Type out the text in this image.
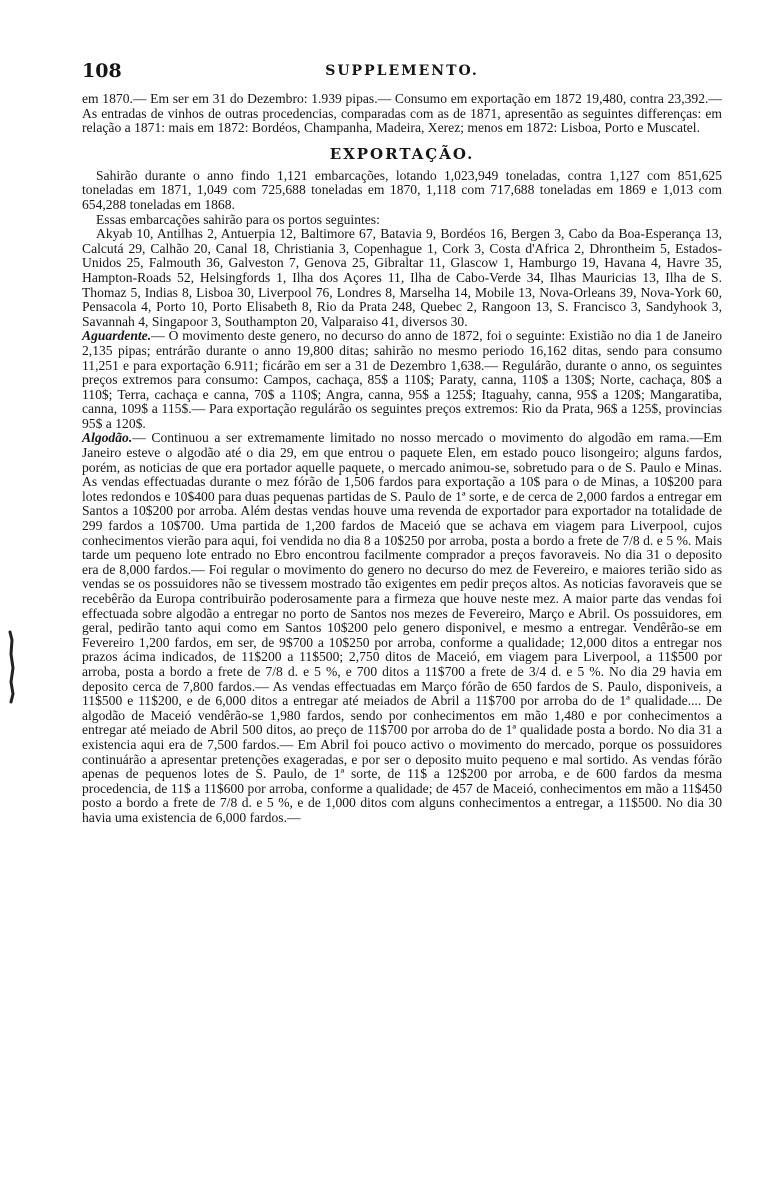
108	SUPPLEMENTO.

em 1870.— Em ser em 31 do Dezembro: 1.939 pipas.— Consumo em exportação em 1872 19,480, contra 23,392.— As entradas de vinhos de outras procedencias, comparadas com as de 1871, apresentão as seguintes differenças: em relação a 1871: mais em 1872: Bordéos, Champanha, Madeira, Xerez; menos em 1872: Lisboa, Porto e Muscatel.

EXPORTAÇÃO.

Sahirão durante o anno findo 1,121 embarcações, lotando 1,023,949 toneladas, contra 1,127 com 851,625 toneladas em 1871, 1,049 com 725,688 toneladas em 1870, 1,118 com 717,688 toneladas em 1869 e 1,013 com 654,288 toneladas em 1868.

Essas embarcações sahirão para os portos seguintes:

Akyab 10, Antilhas 2, Antuerpia 12, Baltimore 67, Batavia 9, Bordéos 16, Bergen 3, Cabo da Boa-Esperança 13, Calcutá 29, Calhão 20, Canal 18, Christiania 3, Copenhague 1, Cork 3, Costa d'Africa 2, Dhrontheim 5, Estados-Unidos 25, Falmouth 36, Galveston 7, Genova 25, Gibraltar 11, Glascow 1, Hamburgo 19, Havana 4, Havre 35, Hampton-Roads 52, Helsingfords 1, Ilha dos Açores 11, Ilha de Cabo-Verde 34, Ilhas Mauricias 13, Ilha de S. Thomaz 5, Indias 8, Lisboa 30, Liverpool 76, Londres 8, Marselha 14, Mobile 13, Nova-Orleans 39, Nova-York 60, Pensacola 4, Porto 10, Porto Elisabeth 8, Rio da Prata 248, Quebec 2, Rangoon 13, S. Francisco 3, Sandyhook 3, Savannah 4, Singapoor 3, Southampton 20, Valparaiso 41, diversos 30.

Aguardente.— O movimento deste genero, no decurso do anno de 1872, foi o seguinte: Existião no dia 1 de Janeiro 2,135 pipas; entrárão durante o anno 19,800 ditas; sahirão no mesmo periodo 16,162 ditas, sendo para consumo 11,251 e para exportação 6.911; ficárão em ser a 31 de Dezembro 1,638.— Regulárão, durante o anno, os seguintes preços extremos para consumo: Campos, cachaça, 85$ a 110$; Paraty, canna, 110$ a 130$; Norte, cachaça, 80$ a 110$; Terra, cachaça e canna, 70$ a 110$; Angra, canna, 95$ a 125$; Itaguahy, canna, 95$ a 120$; Mangaratiba, canna, 109$ a 115$.— Para exportação regulárão os seguintes preços extremos: Rio da Prata, 96$ a 125$, provincias 95$ a 120$.

Algodão.— Continuou a ser extremamente limitado no nosso mercado o movimento do algodão em rama.—Em Janeiro esteve o algodão até o dia 29, em que entrou o paquete Elen, em estado pouco lisongeiro; alguns fardos, porém, as noticias de que era portador aquelle paquete, o mercado animou-se, sobretudo para o de S. Paulo e Minas. As vendas effectuadas durante o mez fórão de 1,506 fardos para exportação a 10$ para o de Minas, a 10$200 para lotes redondos e 10$400 para duas pequenas partidas de S. Paulo de 1ª sorte, e de cerca de 2,000 fardos a entregar em Santos a 10$200 por arroba. Além destas vendas houve uma revenda de exportador para exportador na totalidade de 299 fardos a 10$700. Uma partida de 1,200 fardos de Maceió que se achava em viagem para Liverpool, cujos conhecimentos vierão para aqui, foi vendida no dia 8 a 10$250 por arroba, posta a bordo a frete de 7/8 d. e 5 %. Mais tarde um pequeno lote entrado no Ebro encontrou facilmente comprador a preços favoraveis. No dia 31 o deposito era de 8,000 fardos.— Foi regular o movimento do genero no decurso do mez de Fevereiro, e maiores terião sido as vendas se os possuidores não se tivessem mostrado tão exigentes em pedir preços altos. As noticias favoraveis que se recebêrão da Europa contribuirão poderosamente para a firmeza que houve neste mez. A maior parte das vendas foi effectuada sobre algodão a entregar no porto de Santos nos mezes de Fevereiro, Março e Abril. Os possuidores, em geral, pedirão tanto aqui como em Santos 10$200 pelo genero disponivel, e mesmo a entregar. Vendêrão-se em Fevereiro 1,200 fardos, em ser, de 9$700 a 10$250 por arroba, conforme a qualidade; 12,000 ditos a entregar nos prazos ácima indicados, de 11$200 a 11$500; 2,750 ditos de Maceió, em viagem para Liverpool, a 11$500 por arroba, posta a bordo a frete de 7/8 d. e 5 %, e 700 ditos a 11$700 a frete de 3/4 d. e 5 %. No dia 29 havia em deposito cerca de 7,800 fardos.— As vendas effectuadas em Março fórão de 650 fardos de S. Paulo, disponiveis, a 11$500 e 11$200, e de 6,000 ditos a entregar até meiados de Abril a 11$700 por arroba do de 1ª qualidade.... De algodão de Maceió vendêrão-se 1,980 fardos, sendo por conhecimentos em mão 1,480 e por conhecimentos a entregar até meiado de Abril 500 ditos, ao preço de 11$700 por arroba do de 1ª qualidade posta a bordo. No dia 31 a existencia aqui era de 7,500 fardos.— Em Abril foi pouco activo o movimento do mercado, porque os possuidores continuárão a apresentar pretenções exageradas, e por ser o deposito muito pequeno e mal sortido. As vendas fórão apenas de pequenos lotes de S. Paulo, de 1ª sorte, de 11$ a 12$200 por arroba, e de 600 fardos da mesma procedencia, de 11$ a 11$600 por arroba, conforme a qualidade; de 457 de Maceió, conhecimentos em mão a 11$450 posto a bordo a frete de 7/8 d. e 5 %, e de 1,000 ditos com alguns conhecimentos a entregar, a 11$500. No dia 30 havia uma existencia de 6,000 fardos.—
